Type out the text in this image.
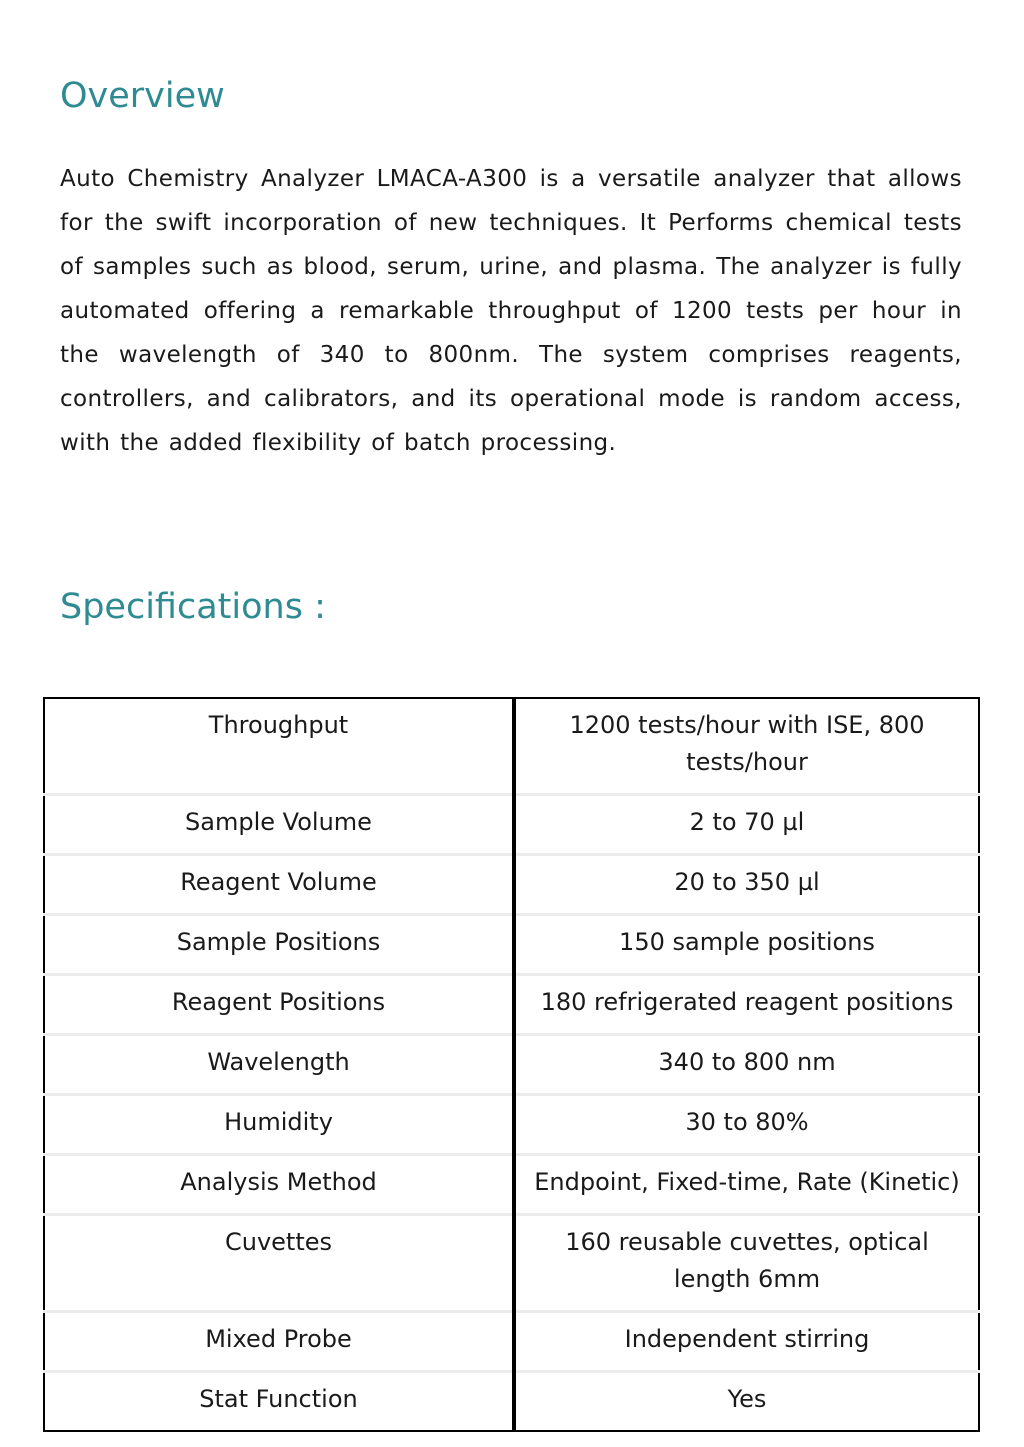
Overview

Auto Chemistry Analyzer LMACA-A300 is a versatile analyzer that allows for the swift incorporation of new techniques. It Performs chemical tests of samples such as blood, serum, urine, and plasma. The analyzer is fully automated offering a remarkable throughput of 1200 tests per hour in the wavelength of 340 to 800nm. The system comprises reagents, controllers, and calibrators, and its operational mode is random access, with the added flexibility of batch processing.

Specifications :
Throughput	1200 tests/hour with ISE, 800 tests/hour
Sample Volume	2 to 70 µl
Reagent Volume	20 to 350 µl
Sample Positions	150 sample positions
Reagent Positions	180 refrigerated reagent positions
Wavelength	340 to 800 nm
Humidity	30 to 80%
Analysis Method	Endpoint, Fixed-time, Rate (Kinetic)
Cuvettes	160 reusable cuvettes, optical length 6mm
Mixed Probe	Independent stirring
Stat Function	Yes
